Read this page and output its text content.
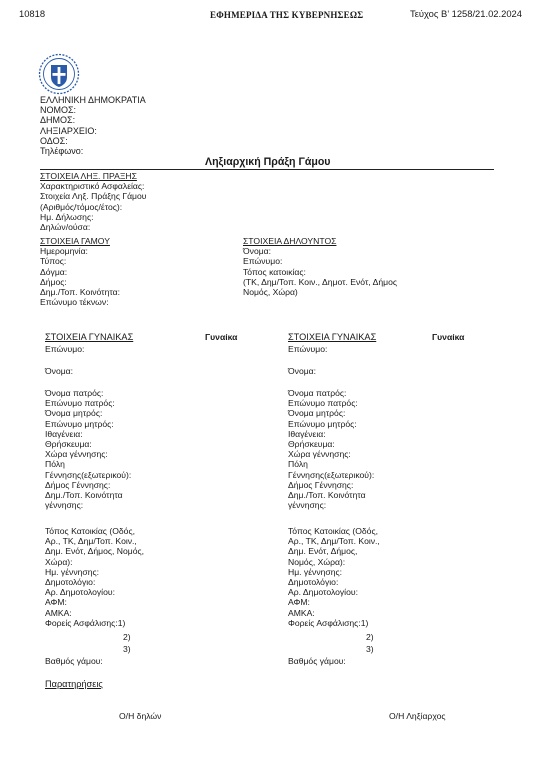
10818	ΕΦΗΜΕΡΙΔΑ ΤΗΣ ΚΥΒΕΡΝΗΣΕΩΣ	Τεύχος Β’ 1258/21.02.2024
ΕΛΛΗΝΙΚΗ ΔΗΜΟΚΡΑΤΙΑ
ΝΟΜΟΣ:
ΔΗΜΟΣ:
ΛΗΞΙΑΡΧΕΙΟ:
ΟΔΟΣ:
Τηλέφωνο:
Ληξιαρχική Πράξη Γάμου
ΣΤΟΙΧΕΙΑ ΛΗΞ. ΠΡΑΞΗΣ
Χαρακτηριστικό Ασφαλείας:
Στοιχεία Ληξ. Πράξης Γάμου
(Αριθμός/τόμος/έτος):
Ημ. Δήλωσης:
Δηλών/ούσα:
ΣΤΟΙΧΕΙΑ ΓΑΜΟΥ
Ημερομηνία:
Τύπος:
Δόγμα:
Δήμος:
Δημ./Τοπ. Κοινότητα:
Επώνυμο τέκνων:
ΣΤΟΙΧΕΙΑ ΔΗΛΟΥΝΤΟΣ
Όνομα:
Επώνυμο:
Τόπος κατοικίας:
(ΤΚ, Δημ/Τοπ. Κοιν., Δημοτ. Ενότ, Δήμος
Νομός, Χώρα)
ΣΤΟΙΧΕΙΑ ΓΥΝΑΙΚΑΣ	Γυναίκα
Επώνυμο:
Όνομα:
Όνομα πατρός:
Επώνυμο πατρός:
Όνομα μητρός:
Επώνυμο μητρός:
Ιθαγένεια:
Θρήσκευμα:
Χώρα γέννησης:
Πόλη
Γέννησης(εξωτερικού):
Δήμος Γέννησης:
Δημ./Τοπ. Κοινότητα
γέννησης:
Τόπος Κατοικίας (Οδός,
Αρ., ΤΚ, Δημ/Τοπ. Κοιν.,
Δημ. Ενότ, Δήμος, Νομός,
Χώρα):
Ημ. γέννησης:
Δημοτολόγιο:
Αρ. Δημοτολογίου:
ΑΦΜ:
ΑΜΚΑ:
Φορείς Ασφάλισης:1)
2)
3)
Βαθμός γάμου:
ΣΤΟΙΧΕΙΑ ΓΥΝΑΙΚΑΣ	Γυναίκα
Επώνυμο:
Όνομα:
Όνομα πατρός:
Επώνυμο πατρός:
Όνομα μητρός:
Επώνυμο μητρός:
Ιθαγένεια:
Θρήσκευμα:
Χώρα γέννησης:
Πόλη
Γέννησης(εξωτερικού):
Δήμος Γέννησης:
Δημ./Τοπ. Κοινότητα
γέννησης:
Τόπος Κατοικίας (Οδός,
Αρ., ΤΚ, Δημ/Τοπ. Κοιν.,
Δημ. Ενότ, Δήμος,
Νομός, Χώρα):
Ημ. γέννησης:
Δημοτολόγιο:
Αρ. Δημοτολογίου:
ΑΦΜ:
ΑΜΚΑ:
Φορείς Ασφάλισης:1)
2)
3)
Βαθμός γάμου:
Παρατηρήσεις
Ο/Η δηλών	Ο/Η Ληξίαρχος
